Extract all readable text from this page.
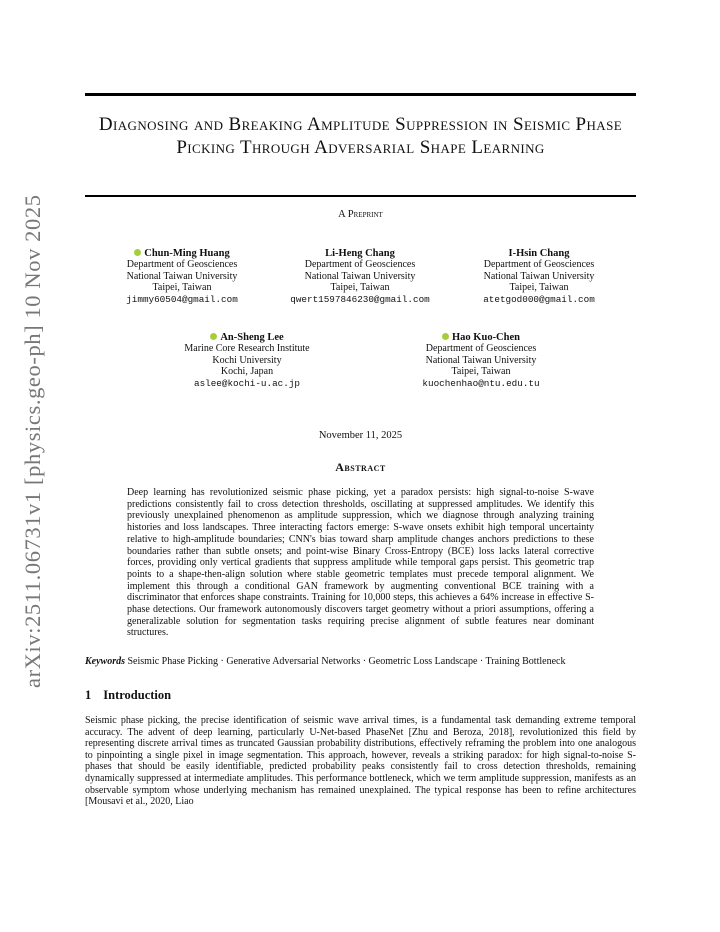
arXiv:2511.06731v1 [physics.geo-ph] 10 Nov 2025
Diagnosing and Breaking Amplitude Suppression in Seismic Phase Picking Through Adversarial Shape Learning
A Preprint
Chun-Ming Huang
Department of Geosciences
National Taiwan University
Taipei, Taiwan
jimmy60504@gmail.com
Li-Heng Chang
Department of Geosciences
National Taiwan University
Taipei, Taiwan
qwert1597846230@gmail.com
I-Hsin Chang
Department of Geosciences
National Taiwan University
Taipei, Taiwan
atetgod000@gmail.com
An-Sheng Lee
Marine Core Research Institute
Kochi University
Kochi, Japan
aslee@kochi-u.ac.jp
Hao Kuo-Chen
Department of Geosciences
National Taiwan University
Taipei, Taiwan
kuochenhao@ntu.edu.tu
November 11, 2025
Abstract
Deep learning has revolutionized seismic phase picking, yet a paradox persists: high signal-to-noise S-wave predictions consistently fail to cross detection thresholds, oscillating at suppressed amplitudes. We identify this previously unexplained phenomenon as amplitude suppression, which we diagnose through analyzing training histories and loss landscapes. Three interacting factors emerge: S-wave onsets exhibit high temporal uncertainty relative to high-amplitude boundaries; CNN's bias toward sharp amplitude changes anchors predictions to these boundaries rather than subtle onsets; and point-wise Binary Cross-Entropy (BCE) loss lacks lateral corrective forces, providing only vertical gradients that suppress amplitude while temporal gaps persist. This geometric trap points to a shape-then-align solution where stable geometric templates must precede temporal alignment. We implement this through a conditional GAN framework by augmenting conventional BCE training with a discriminator that enforces shape constraints. Training for 10,000 steps, this achieves a 64% increase in effective S-phase detections. Our framework autonomously discovers target geometry without a priori assumptions, offering a generalizable solution for segmentation tasks requiring precise alignment of subtle features near dominant structures.
Keywords Seismic Phase Picking · Generative Adversarial Networks · Geometric Loss Landscape · Training Bottleneck
1 Introduction
Seismic phase picking, the precise identification of seismic wave arrival times, is a fundamental task demanding extreme temporal accuracy. The advent of deep learning, particularly U-Net-based PhaseNet [Zhu and Beroza, 2018], revolutionized this field by representing discrete arrival times as truncated Gaussian probability distributions, effectively reframing the problem into one analogous to pinpointing a single pixel in image segmentation. This approach, however, reveals a striking paradox: for high signal-to-noise S-phases that should be easily identifiable, predicted probability peaks consistently fail to cross detection thresholds, remaining dynamically suppressed at intermediate amplitudes. This performance bottleneck, which we term amplitude suppression, manifests as an observable symptom whose underlying mechanism has remained unexplained. The typical response has been to refine architectures [Mousavi et al., 2020, Liao
